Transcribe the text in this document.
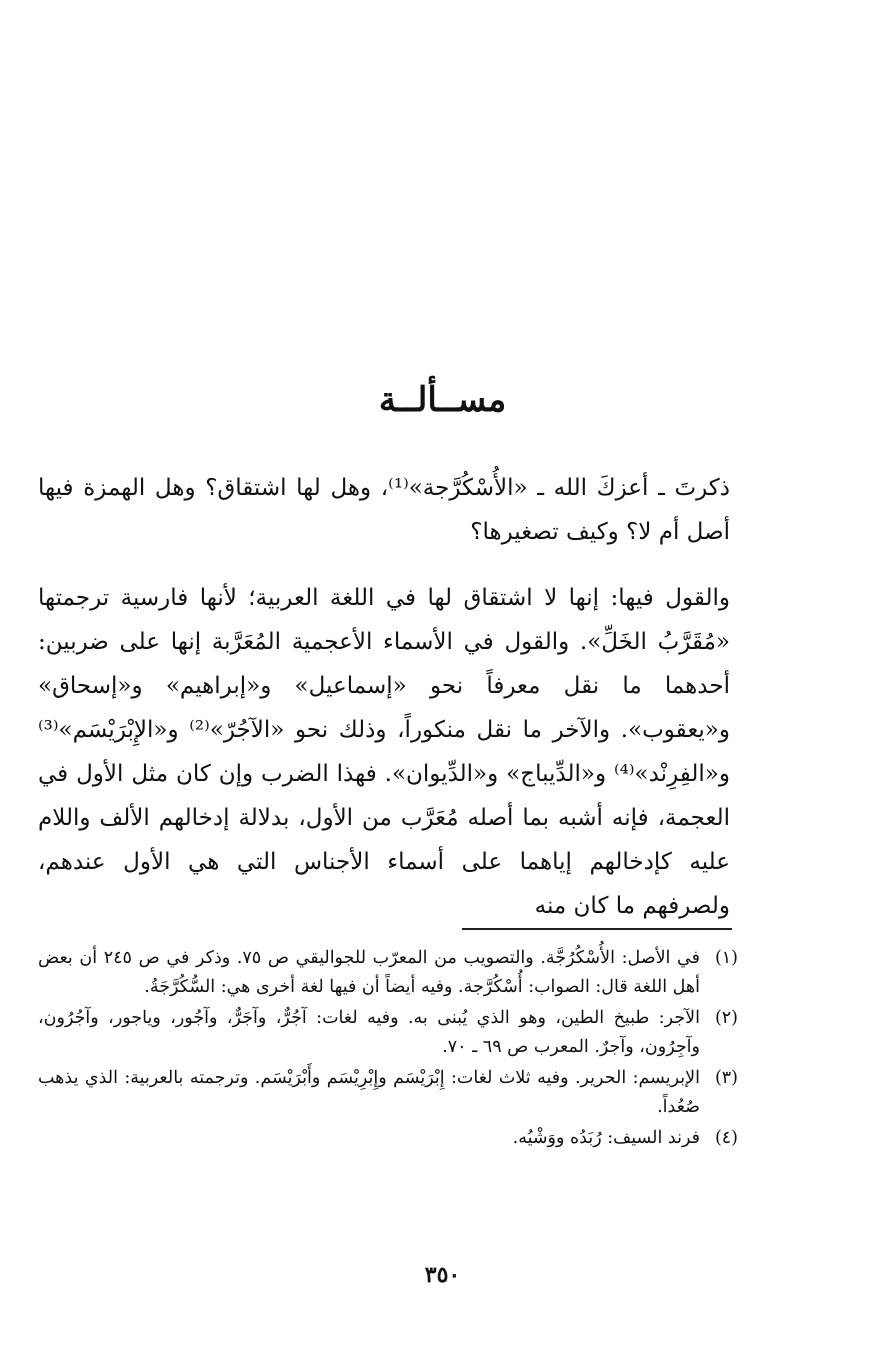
مســألــة
ذكرتَ ـ أعزكَ الله ـ «الأُسْكُرَّجة»⁽¹⁾، وهل لها اشتقاق؟ وهل الهمزة فيها أصل أم لا؟ وكيف تصغيرها؟
والقول فيها: إنها لا اشتقاق لها في اللغة العربية؛ لأنها فارسية ترجمتها «مُقَرَّبُ الخَلِّ». والقول في الأسماء الأعجمية المُعَرَّبة إنها على ضربين: أحدهما ما نقل معرفاً نحو «إسماعيل» و«إبراهيم» و«إسحاق» و«يعقوب». والآخر ما نقل منكوراً، وذلك نحو «الآجُرّ»⁽²⁾ و«الإِبْرَيْسَم»⁽³⁾ و«الفِرِنْد»⁽⁴⁾ و«الدِّيباج» و«الدِّيوان». فهذا الضرب وإن كان مثل الأول في العجمة، فإنه أشبه بما أصله مُعَرَّب من الأول، بدلالة إدخالهم الألف واللام عليه كإدخالهم إياهما على أسماء الأجناس التي هي الأول عندهم، ولصرفهم ما كان منه
(١)
في الأصل: الأُسْكُرُجَّة. والتصويب من المعرّب للجواليقي ص ٧٥. وذكر في ص ٢٤٥ أن بعض أهل اللغة قال: الصواب: أُسْكُرَّجة. وفيه أيضاً أن فيها لغة أخرى هي: السُّكُرَّجَةُ.
(٢)
الآجر: طبيخ الطين، وهو الذي يُبنى به. وفيه لغات: آجُرٌّ، وآجَرٌّ، وآجُور، وياجور، وآجُرُون، وآجِرُون، وآجرٌ. المعرب ص ٦٩ ـ ٧٠.
(٣)
الإبريسم: الحرير. وفيه ثلاث لغات: إِبْرَيْسَم وإِبْرِيْسَم وأَبْرَيْسَم. وترجمته بالعربية: الذي يذهب صُعُداً.
(٤)
فرند السيف: رُبَدُه ووَشْيُه.
٣٥٠
